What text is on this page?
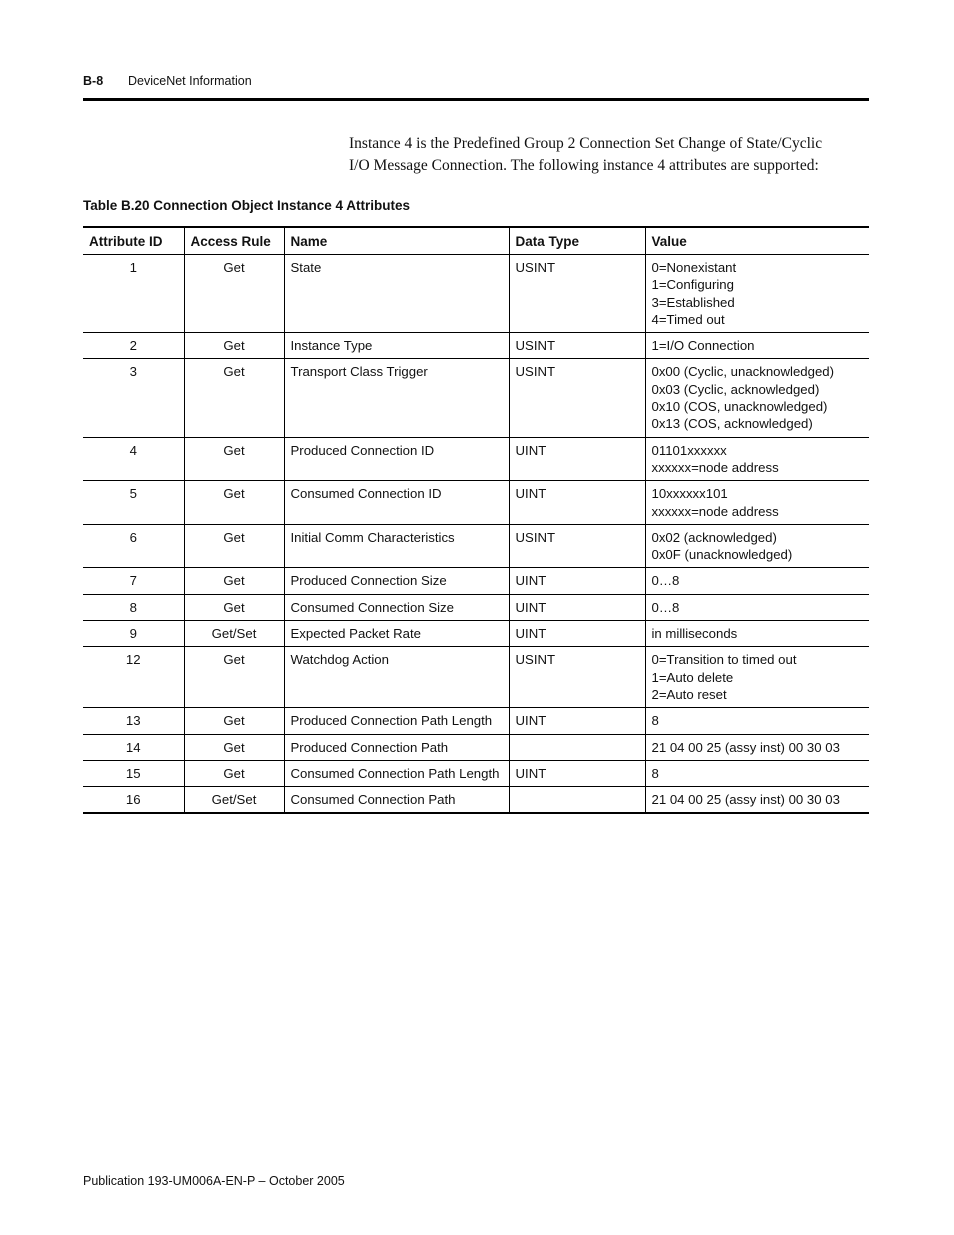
B-8 DeviceNet Information
Instance 4 is the Predefined Group 2 Connection Set Change of State/Cyclic
I/O Message Connection. The following instance 4 attributes are supported:
Table B.20 Connection Object Instance 4 Attributes
Attribute ID	Access Rule	Name	Data Type	Value
1	Get	State	USINT	0=Nonexistant
1=Configuring
3=Established
4=Timed out

2	Get	Instance Type	USINT	1=I/O Connection

3	Get	Transport Class Trigger	USINT	0x00 (Cyclic, unacknowledged)
0x03 (Cyclic, acknowledged)
0x10 (COS, unacknowledged)
0x13 (COS, acknowledged)

4	Get	Produced Connection ID	UINT	01101xxxxxx
xxxxxx=node address

5	Get	Consumed Connection ID	UINT	10xxxxxx101
xxxxxx=node address

6	Get	Initial Comm Characteristics	USINT	0x02 (acknowledged)
0x0F (unacknowledged)

7	Get	Produced Connection Size	UINT	0…8

8	Get	Consumed Connection Size	UINT	0…8

9	Get/Set	Expected Packet Rate	UINT	in milliseconds

12	Get	Watchdog Action	USINT	0=Transition to timed out
1=Auto delete
2=Auto reset

13	Get	Produced Connection Path Length	UINT	8

14	Get	Produced Connection Path		21 04 00 25 (assy inst) 00 30 03

15	Get	Consumed Connection Path Length	UINT	8

16	Get/Set	Consumed Connection Path		21 04 00 25 (assy inst) 00 30 03
Publication 193-UM006A-EN-P – October 2005
